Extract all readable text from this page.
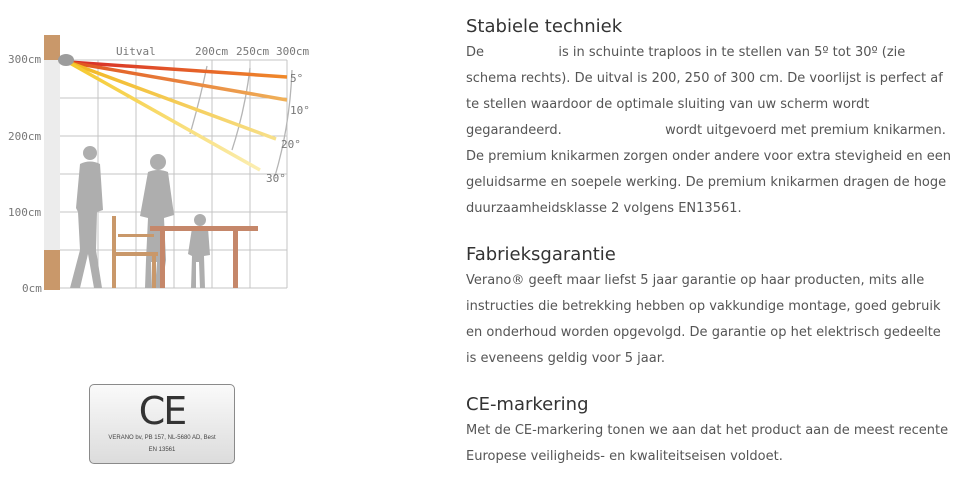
300cm
200cm
100cm
0cm
Uitval	200cm 250cm 300cm
5°
10°
20°
30°
CE
VERANO bv, PB 157, NL-5680 AD, Best
EN 13561
Stabiele techniek

De                  is in schuinte traploos in te stellen van 5º tot 30º (zie schema rechts). De uitval is 200, 250 of 300 cm. De voorlijst is perfect af te stellen waardoor de optimale sluiting van uw scherm wordt gegarandeerd.                         wordt uitgevoerd met premium knikarmen. De premium knikarmen zorgen onder andere voor extra stevigheid en een geluidsarme en soepele werking. De premium knikarmen dragen de hoge duurzaamheidsklasse 2 volgens EN13561.

Fabrieksgarantie

Verano® geeft maar liefst 5 jaar garantie op haar producten, mits alle instructies die betrekking hebben op vakkundige montage, goed gebruik en onderhoud worden opgevolgd. De garantie op het elektrisch gedeelte is eveneens geldig voor 5 jaar.

CE-markering

Met de CE-markering tonen we aan dat het product aan de meest recente Europese veiligheids- en kwaliteitseisen voldoet.
